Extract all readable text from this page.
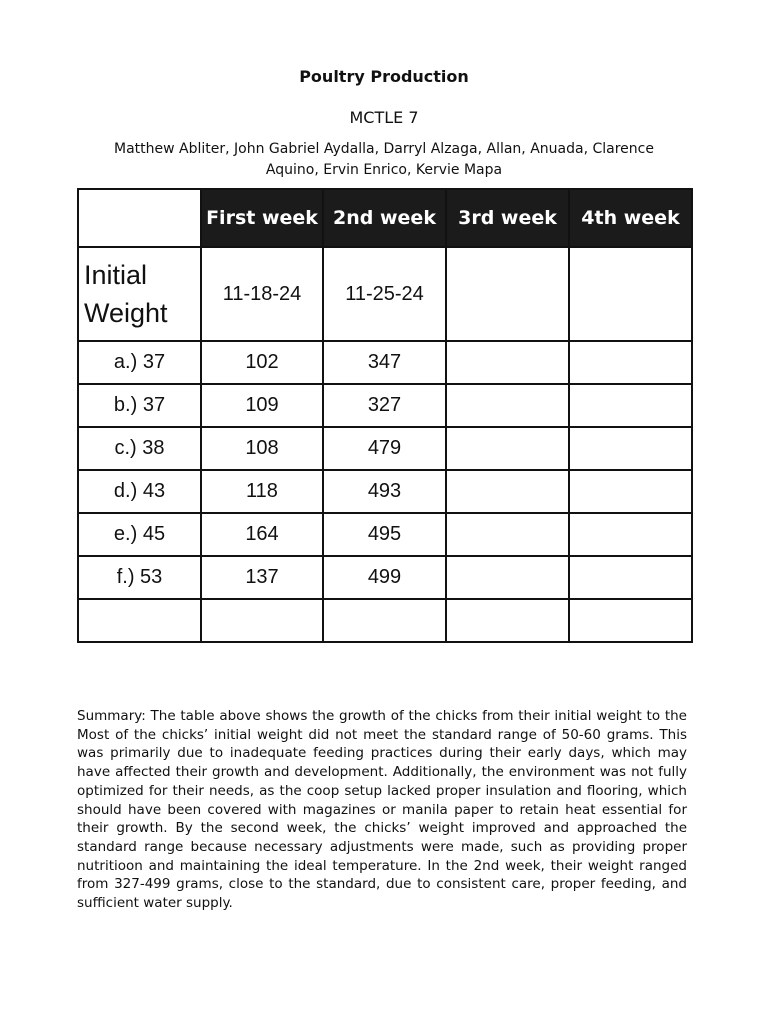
Poultry Production
MCTLE 7
Matthew Abliter, John Gabriel Aydalla, Darryl Alzaga, Allan, Anuada, Clarence Aquino, Ervin Enrico, Kervie Mapa
	First week	2nd week	3rd week	4th week
Initial Weight	11-18-24	11-25-24		
a.) 37	102	347		
b.) 37	109	327		
c.) 38	108	479		
d.) 43	118	493		
e.) 45	164	495		
f.) 53	137	499		

Summary: The table above shows the growth of the chicks from their initial weight to the Most of the chicks’ initial weight did not meet the standard range of 50-60 grams. This was primarily due to inadequate feeding practices during their early days, which may have affected their growth and development. Additionally, the environment was not fully optimized for their needs, as the coop setup lacked proper insulation and flooring, which should have been covered with magazines or manila paper to retain heat essential for their growth. By the second week, the chicks’ weight improved and approached the standard range because necessary adjustments were made, such as providing proper nutritioon and maintaining the ideal temperature. In the 2nd week, their weight ranged from 327-499 grams, close to the standard, due to consistent care, proper feeding, and sufficient water supply.
